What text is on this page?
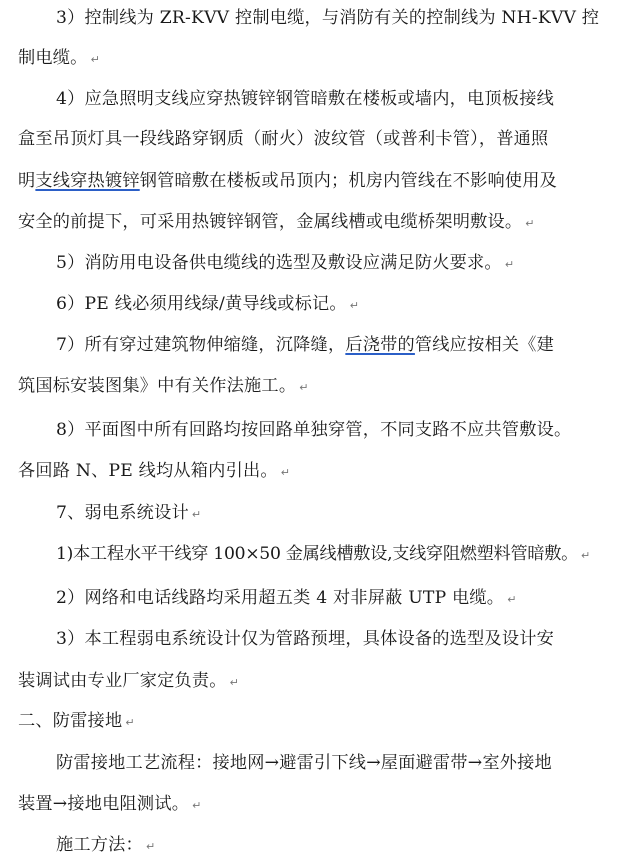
3）控制线为 ZR-KVV 控制电缆，与消防有关的控制线为 NH-KVV 控
制电缆。 ↵
4）应急照明支线应穿热镀锌钢管暗敷在楼板或墙内，电顶板接线
盒至吊顶灯具一段线路穿钢质（耐火）波纹管（或普利卡管），普通照
明支线穿热镀锌钢管暗敷在楼板或吊顶内；机房内管线在不影响使用及
安全的前提下，可采用热镀锌钢管，金属线槽或电缆桥架明敷设。 ↵
5）消防用电设备供电缆线的选型及敷设应满足防火要求。 ↵
6）PE 线必须用线绿/黄导线或标记。 ↵
7）所有穿过建筑物伸缩缝，沉降缝，后浇带的管线应按相关《建
筑国标安装图集》中有关作法施工。 ↵
8）平面图中所有回路均按回路单独穿管，不同支路不应共管敷设。
各回路 N、PE 线均从箱内引出。 ↵
7、弱电系统设计 ↵
1)本工程水平干线穿 100×50 金属线槽敷设,支线穿阻燃塑料管暗敷。 ↵
2）网络和电话线路均采用超五类 4 对非屏蔽 UTP 电缆。 ↵
3）本工程弱电系统设计仅为管路预埋，具体设备的选型及设计安
装调试由专业厂家定负责。 ↵
二、防雷接地 ↵
防雷接地工艺流程：接地网→避雷引下线→屋面避雷带→室外接地
装置→接地电阻测试。 ↵
施工方法： ↵
